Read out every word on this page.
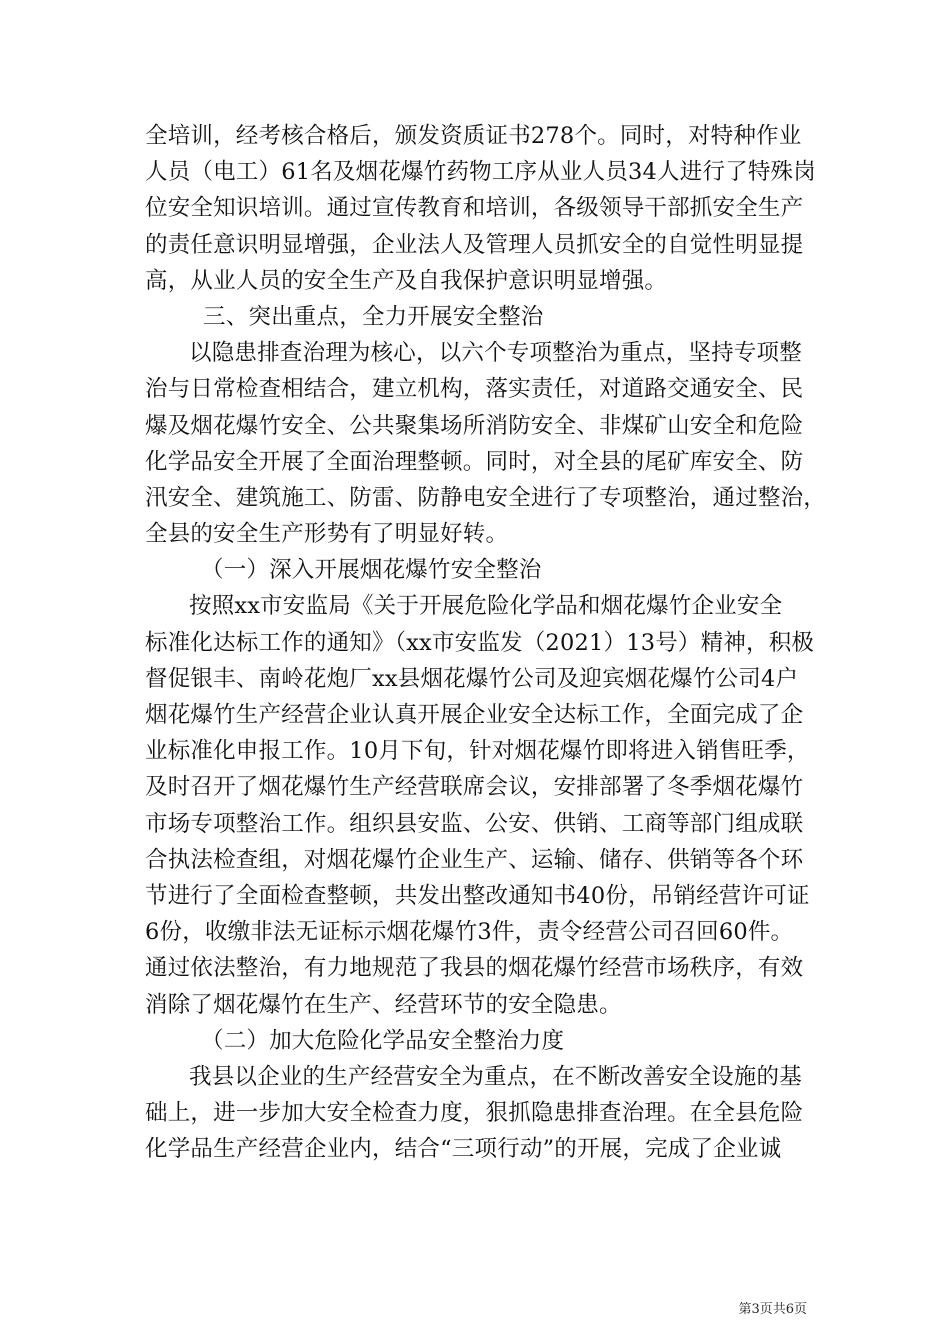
全培训，经考核合格后，颁发资质证书278个。同时，对特种作业
人员（电工）61名及烟花爆竹药物工序从业人员34人进行了特殊岗
位安全知识培训。通过宣传教育和培训，各级领导干部抓安全生产
的责任意识明显增强，企业法人及管理人员抓安全的自觉性明显提
高，从业人员的安全生产及自我保护意识明显增强。
三、突出重点，全力开展安全整治
以隐患排查治理为核心，以六个专项整治为重点，坚持专项整
治与日常检查相结合，建立机构，落实责任，对道路交通安全、民
爆及烟花爆竹安全、公共聚集场所消防安全、非煤矿山安全和危险
化学品安全开展了全面治理整顿。同时，对全县的尾矿库安全、防
汛安全、建筑施工、防雷、防静电安全进行了专项整治，通过整治，
全县的安全生产形势有了明显好转。
（一）深入开展烟花爆竹安全整治
按照xx市安监局《关于开展危险化学品和烟花爆竹企业安全
标准化达标工作的通知》（xx市安监发（2021）13号）精神，积极
督促银丰、南岭花炮厂xx县烟花爆竹公司及迎宾烟花爆竹公司4户
烟花爆竹生产经营企业认真开展企业安全达标工作，全面完成了企
业标准化申报工作。10月下旬，针对烟花爆竹即将进入销售旺季，
及时召开了烟花爆竹生产经营联席会议，安排部署了冬季烟花爆竹
市场专项整治工作。组织县安监、公安、供销、工商等部门组成联
合执法检查组，对烟花爆竹企业生产、运输、储存、供销等各个环
节进行了全面检查整顿，共发出整改通知书40份，吊销经营许可证
6份，收缴非法无证标示烟花爆竹3件，责令经营公司召回60件。
通过依法整治，有力地规范了我县的烟花爆竹经营市场秩序，有效
消除了烟花爆竹在生产、经营环节的安全隐患。
（二）加大危险化学品安全整治力度
我县以企业的生产经营安全为重点，在不断改善安全设施的基
础上，进一步加大安全检查力度，狠抓隐患排查治理。在全县危险
化学品生产经营企业内，结合“三项行动”的开展，完成了企业诚
第3页共6页
